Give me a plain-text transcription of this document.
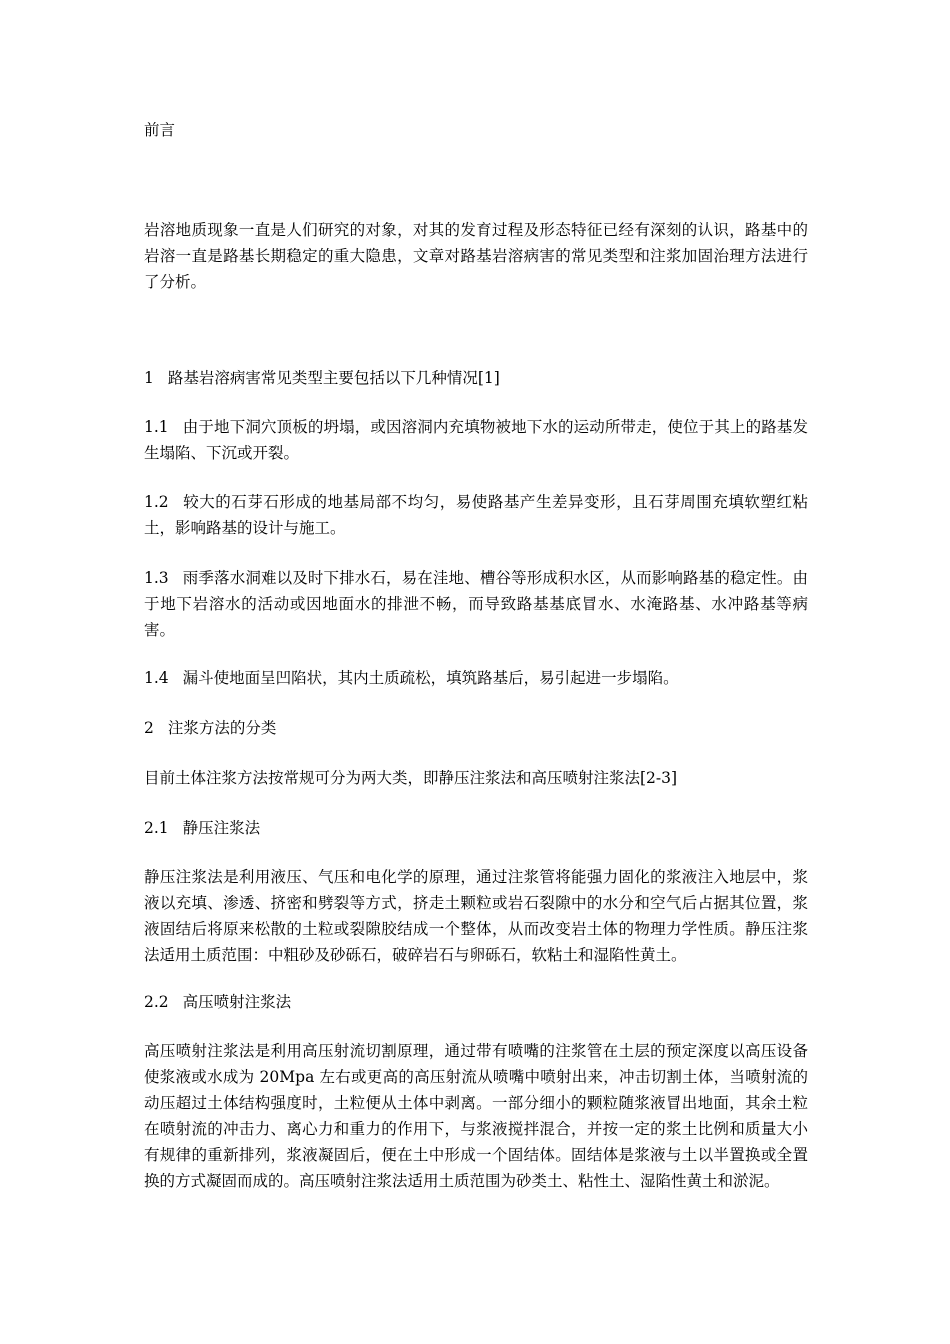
前言

岩溶地质现象一直是人们研究的对象，对其的发育过程及形态特征已经有深刻的认识，路基中的岩溶一直是路基长期稳定的重大隐患，文章对路基岩溶病害的常见类型和注浆加固治理方法进行了分析。

1 路基岩溶病害常见类型主要包括以下几种情况[1]

1.1 由于地下洞穴顶板的坍塌，或因溶洞内充填物被地下水的运动所带走，使位于其上的路基发生塌陷、下沉或开裂。

1.2 较大的石芽石形成的地基局部不均匀，易使路基产生差异变形，且石芽周围充填软塑红粘土，影响路基的设计与施工。

1.3 雨季落水洞难以及时下排水石，易在洼地、槽谷等形成积水区，从而影响路基的稳定性。由于地下岩溶水的活动或因地面水的排泄不畅，而导致路基基底冒水、水淹路基、水冲路基等病害。

1.4 漏斗使地面呈凹陷状，其内土质疏松，填筑路基后，易引起进一步塌陷。

2 注浆方法的分类

目前土体注浆方法按常规可分为两大类，即静压注浆法和高压喷射注浆法[2-3]

2.1 静压注浆法

静压注浆法是利用液压、气压和电化学的原理，通过注浆管将能强力固化的浆液注入地层中，浆液以充填、渗透、挤密和劈裂等方式，挤走土颗粒或岩石裂隙中的水分和空气后占据其位置，浆液固结后将原来松散的土粒或裂隙胶结成一个整体，从而改变岩土体的物理力学性质。静压注浆法适用土质范围：中粗砂及砂砾石，破碎岩石与卵砾石，软粘土和湿陷性黄土。

2.2 高压喷射注浆法

高压喷射注浆法是利用高压射流切割原理，通过带有喷嘴的注浆管在土层的预定深度以高压设备使浆液或水成为 20Mpa 左右或更高的高压射流从喷嘴中喷射出来，冲击切割土体，当喷射流的动压超过土体结构强度时，土粒便从土体中剥离。一部分细小的颗粒随浆液冒出地面，其余土粒在喷射流的冲击力、离心力和重力的作用下，与浆液搅拌混合，并按一定的浆土比例和质量大小有规律的重新排列，浆液凝固后，便在土中形成一个固结体。固结体是浆液与土以半置换或全置换的方式凝固而成的。高压喷射注浆法适用土质范围为砂类土、粘性土、湿陷性黄土和淤泥。
